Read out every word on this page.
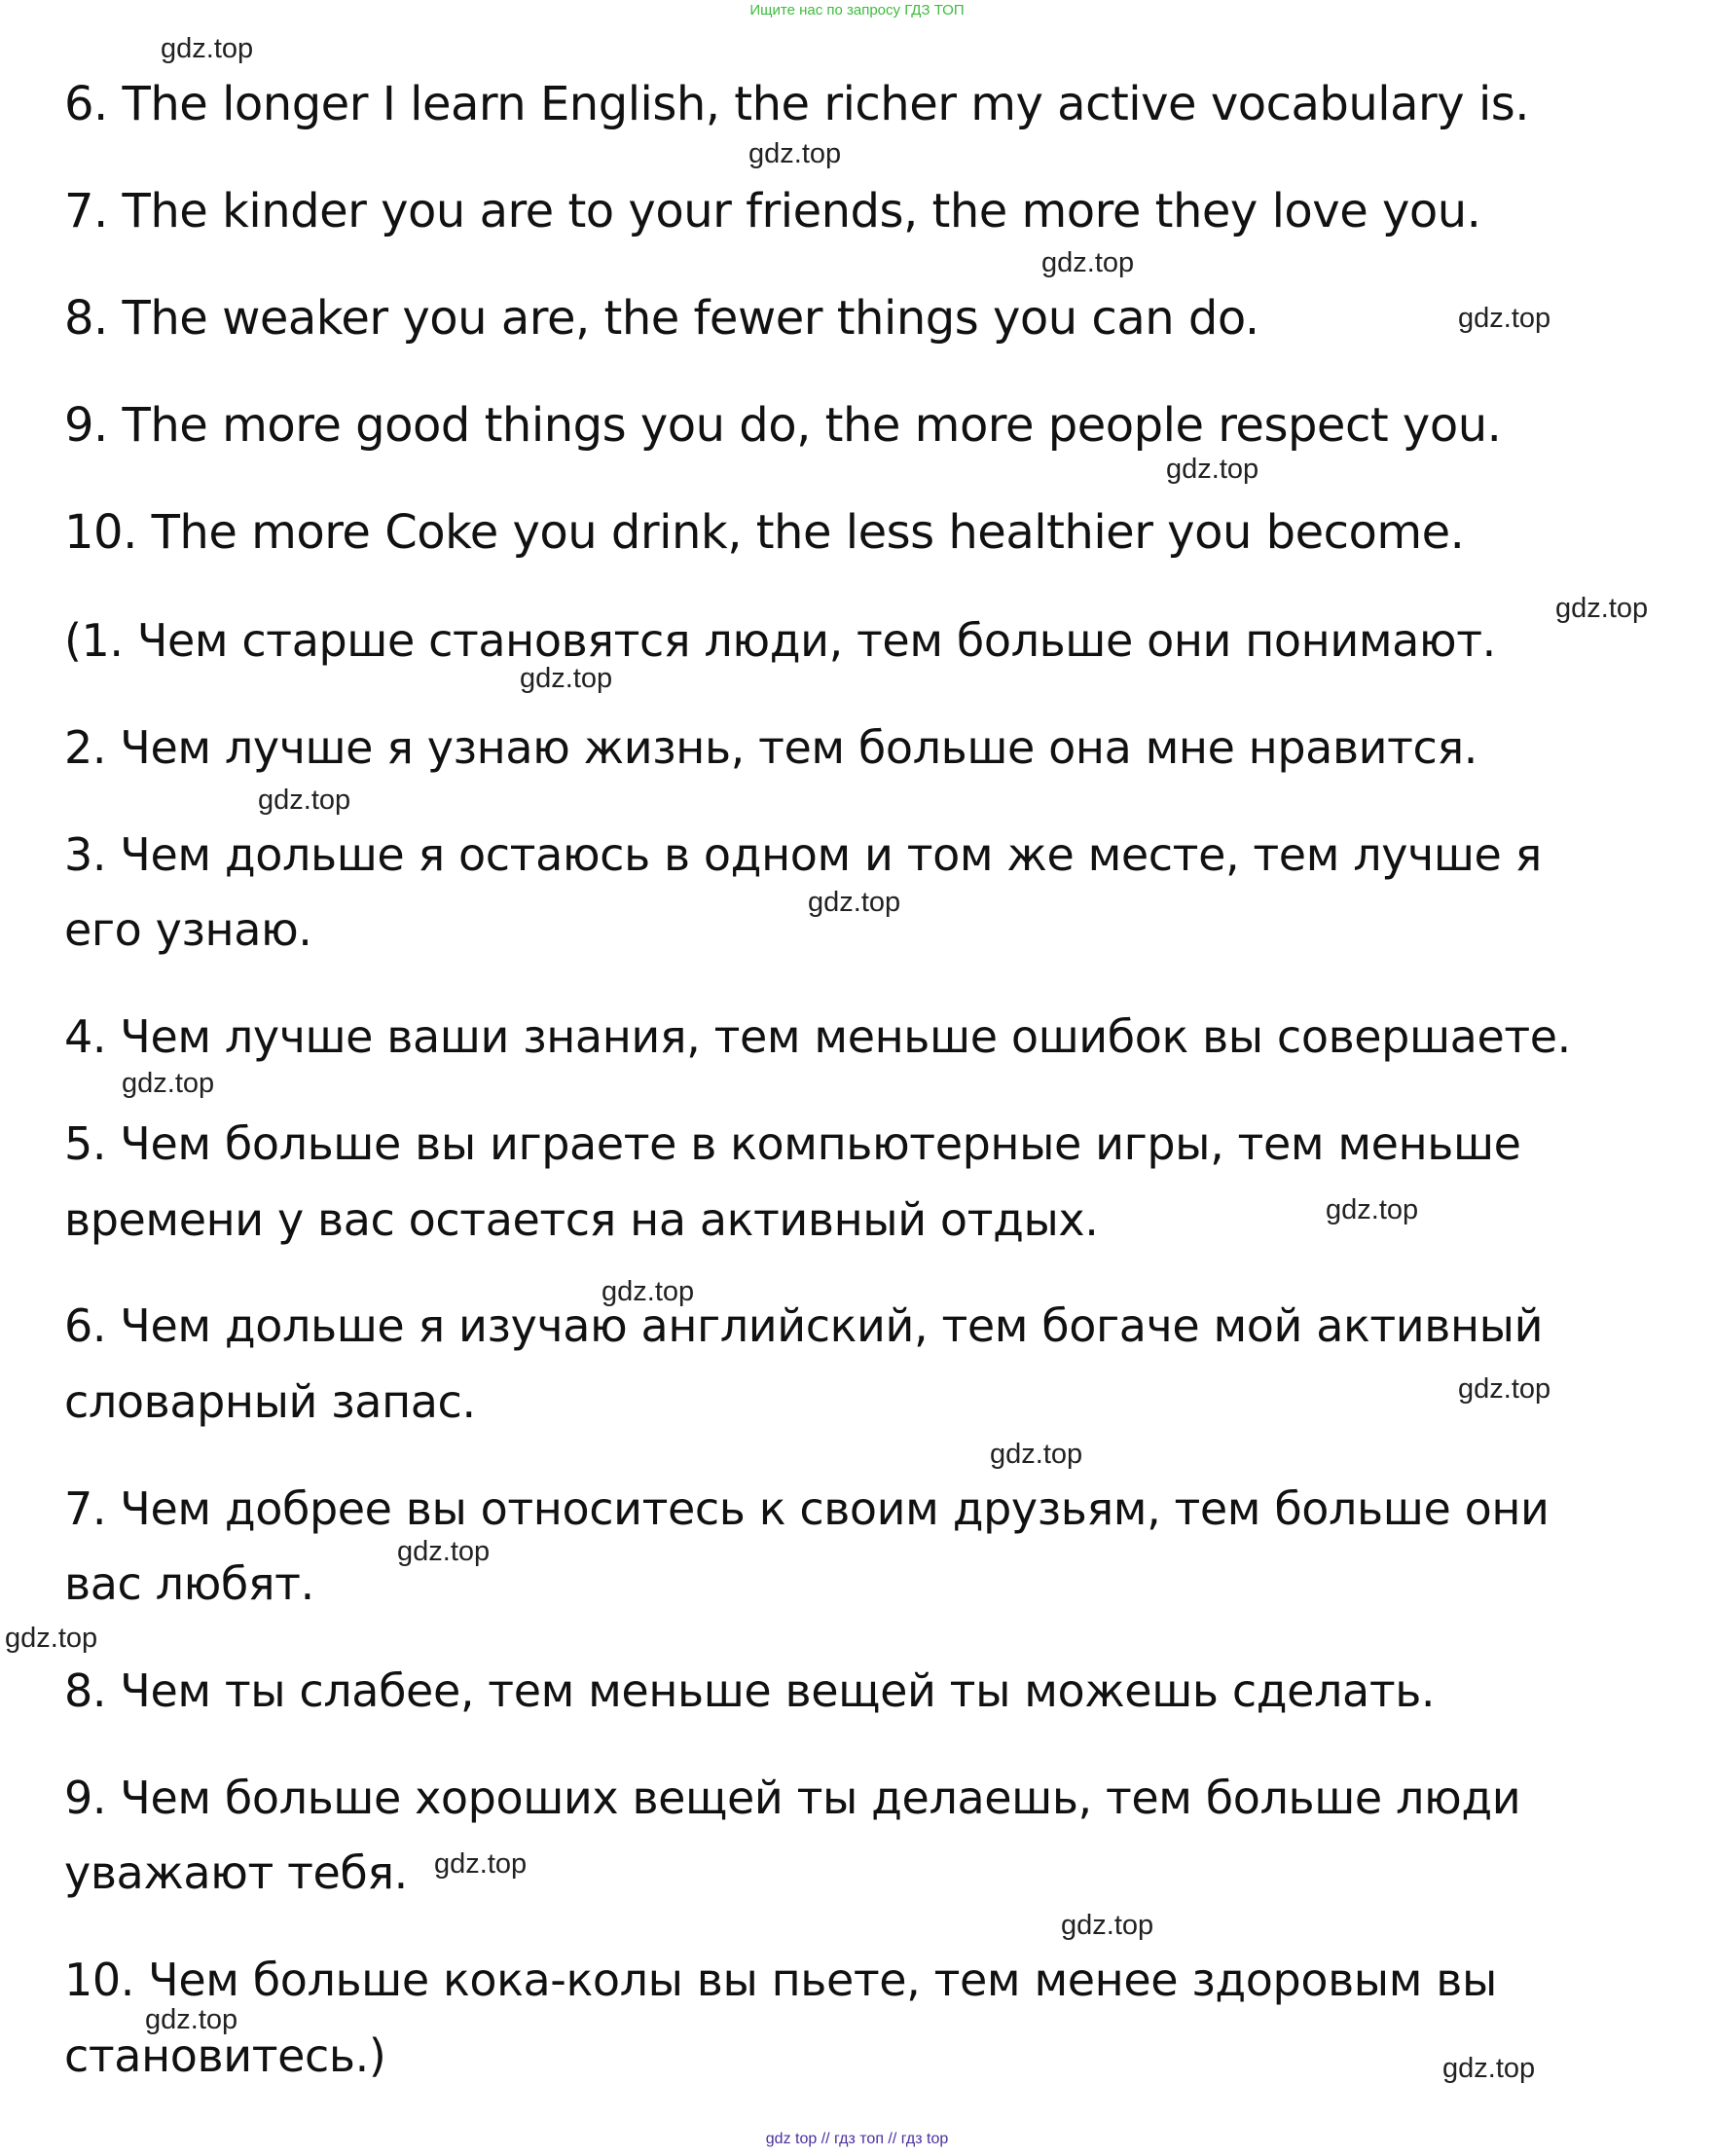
Ищите нас по запросу ГДЗ ТОП
6. The longer I learn English, the richer my active vocabulary is.
7. The kinder you are to your friends, the more they love you.
8. The weaker you are, the fewer things you can do.
9. The more good things you do, the more people respect you.
10. The more Coke you drink, the less healthier you become.
(1. Чем старше становятся люди, тем больше они понимают.
2. Чем лучше я узнаю жизнь, тем больше она мне нравится.
3. Чем дольше я остаюсь в одном и том же месте, тем лучше я
его узнаю.
4. Чем лучше ваши знания, тем меньше ошибок вы совершаете.
5. Чем больше вы играете в компьютерные игры, тем меньше
времени у вас остается на активный отдых.
6. Чем дольше я изучаю английский, тем богаче мой активный
словарный запас.
7. Чем добрее вы относитесь к своим друзьям, тем больше они
вас любят.
8. Чем ты слабее, тем меньше вещей ты можешь сделать.
9. Чем больше хороших вещей ты делаешь, тем больше люди
уважают тебя.
10. Чем больше кока-колы вы пьете, тем менее здоровым вы
становитесь.)
gdz.top
gdz.top
gdz.top
gdz.top
gdz.top
gdz.top
gdz.top
gdz.top
gdz.top
gdz.top
gdz.top
gdz.top
gdz.top
gdz.top
gdz.top
gdz.top
gdz.top
gdz.top
gdz.top
gdz.top
gdz top // гдз топ // гдз top
